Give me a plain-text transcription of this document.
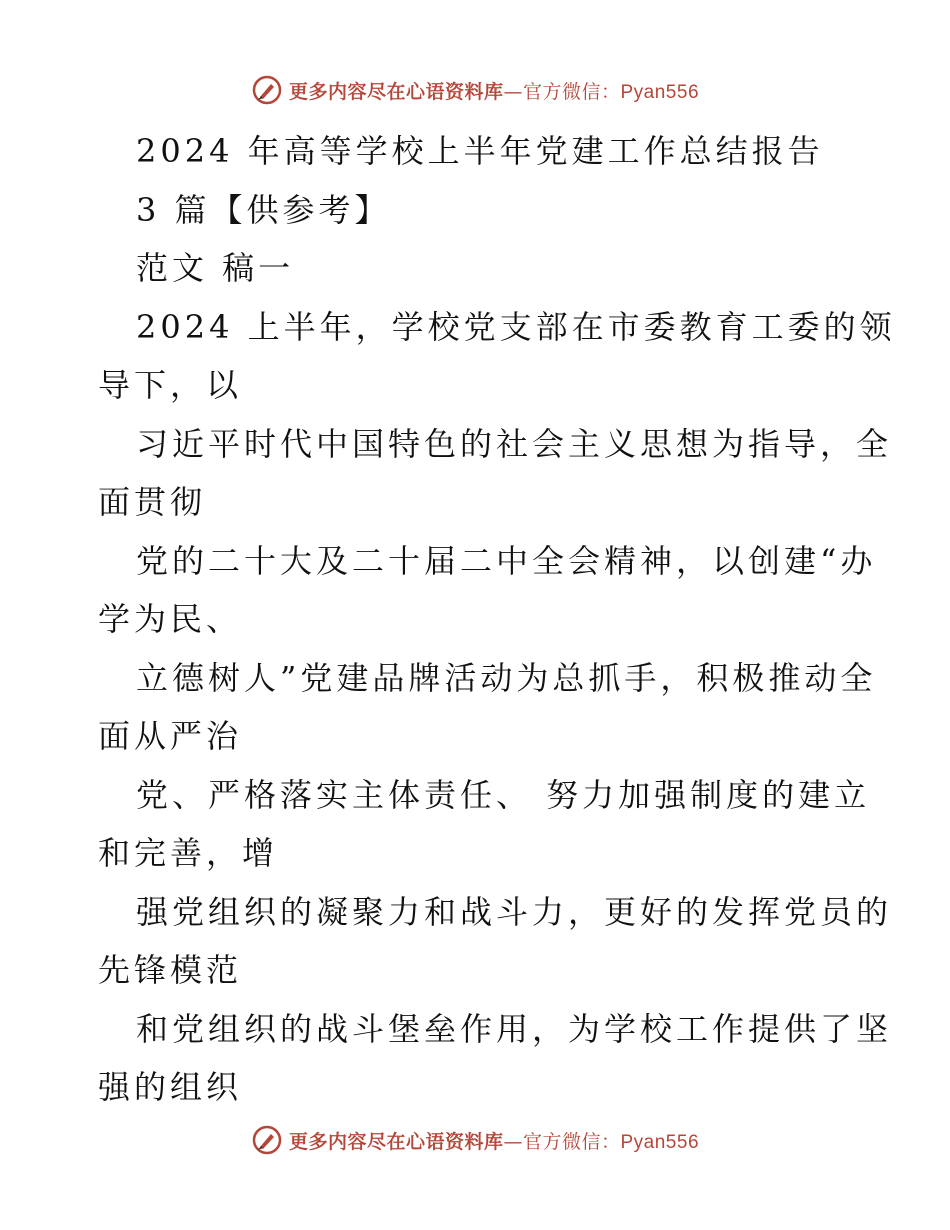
更多内容尽在心语资料库—官方微信：Pyan556
2024 年高等学校上半年党建工作总结报告
3 篇【供参考】
范文 稿一
2024 上半年，学校党支部在市委教育工委的领
导下，以
习近平时代中国特色的社会主义思想为指导，全
面贯彻
党的二十大及二十届二中全会精神，以创建“办
学为民、
立德树人”党建品牌活动为总抓手，积极推动全
面从严治
党、严格落实主体责任、 努力加强制度的建立
和完善，增
强党组织的凝聚力和战斗力，更好的发挥党员的
先锋模范
和党组织的战斗堡垒作用，为学校工作提供了坚
强的组织
更多内容尽在心语资料库—官方微信：Pyan556
